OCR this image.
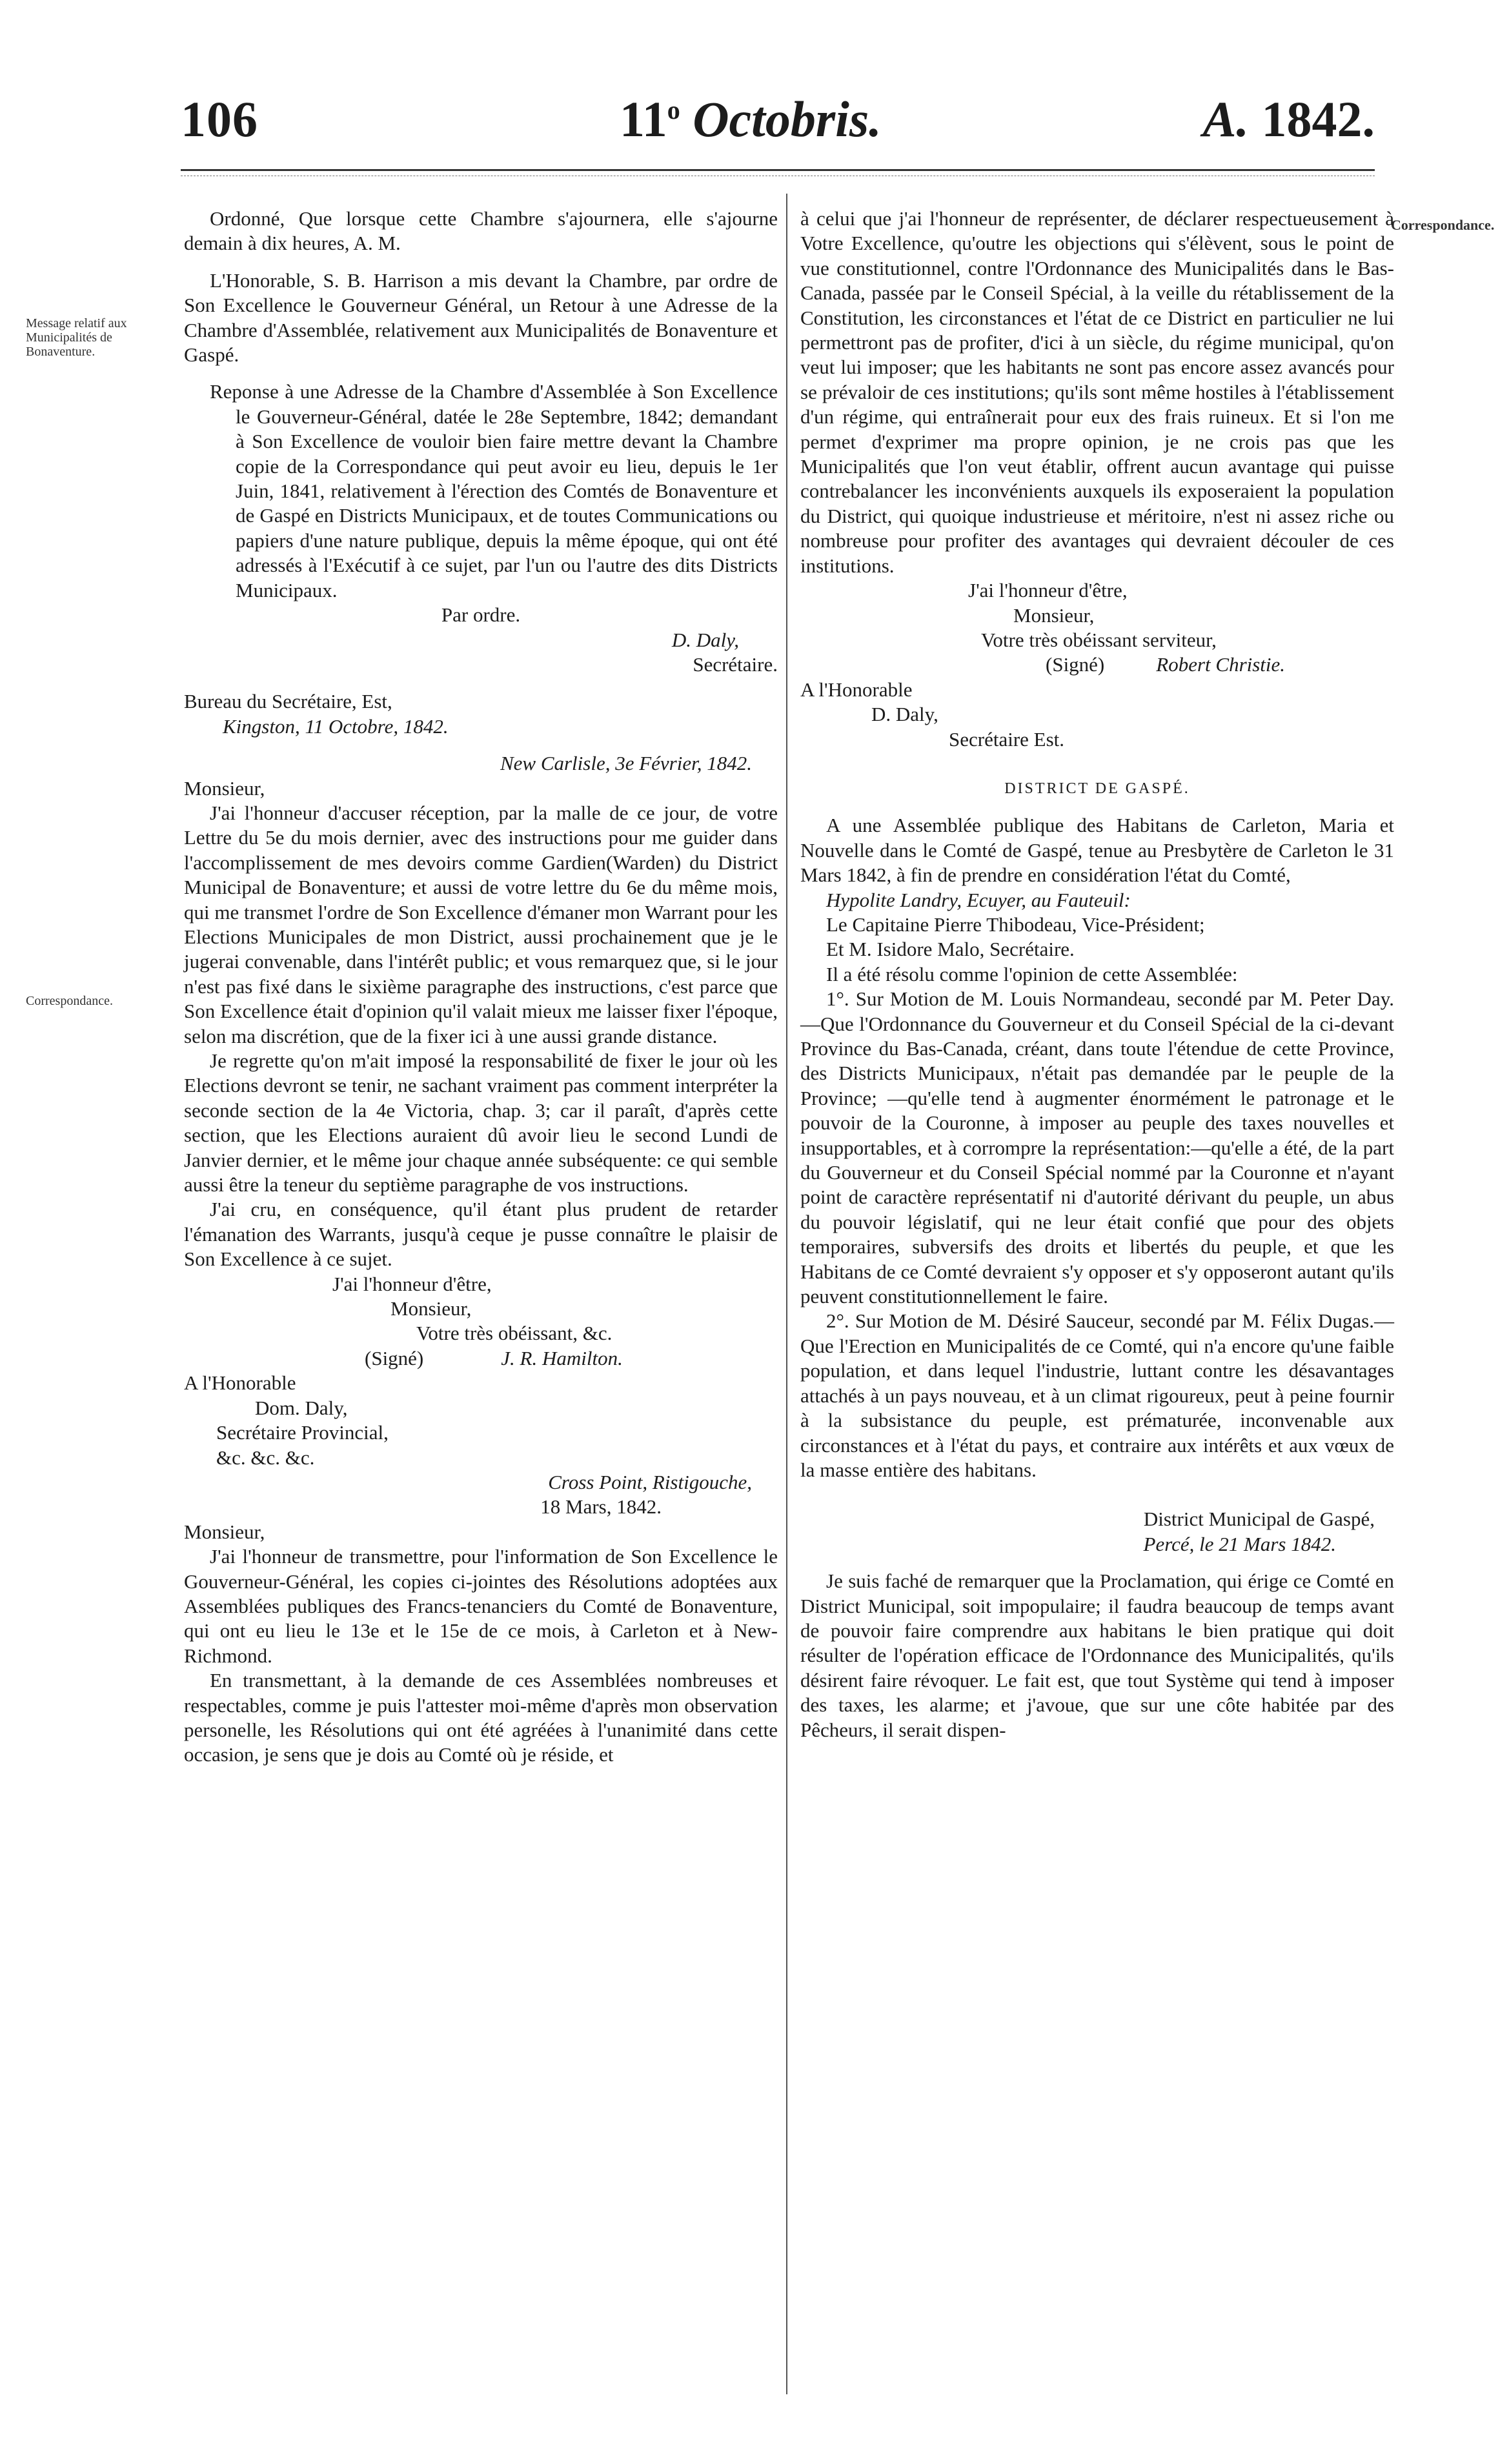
106	11$^o$ Octobris.	A. 1842.
Message relatif aux Municipalités de Bonaventure.
Correspondance.
Correspondance.

Ordonné, Que lorsque cette Chambre s'ajournera, elle s'ajourne demain à dix heures, A. M.

L'Honorable, S. B. Harrison a mis devant la Chambre, par ordre de Son Excellence le Gouverneur Général, un Retour à une Adresse de la Chambre d'Assemblée, relativement aux Municipalités de Bonaventure et Gaspé.

Reponse à une Adresse de la Chambre d'Assemblée à Son Excellence le Gouverneur-Général, datée le 28e Septembre, 1842; demandant à Son Excellence de vouloir bien faire mettre devant la Chambre copie de la Correspondance qui peut avoir eu lieu, depuis le 1er Juin, 1841, relativement à l'érection des Comtés de Bonaventure et de Gaspé en Districts Municipaux, et de toutes Communications ou papiers d'une nature publique, depuis la même époque, qui ont été adressés à l'Exécutif à ce sujet, par l'un ou l'autre des dits Districts Municipaux.

Par ordre.

D. Daly,

Secrétaire.

Bureau du Secrétaire, Est,

Kingston, 11 Octobre, 1842.

New Carlisle, 3e Février, 1842.

Monsieur,

J'ai l'honneur d'accuser réception, par la malle de ce jour, de votre Lettre du 5e du mois dernier, avec des instructions pour me guider dans l'accomplissement de mes devoirs comme Gardien(Warden) du District Municipal de Bonaventure; et aussi de votre lettre du 6e du même mois, qui me transmet l'ordre de Son Excellence d'émaner mon Warrant pour les Elections Municipales de mon District, aussi prochainement que je le jugerai convenable, dans l'intérêt public; et vous remarquez que, si le jour n'est pas fixé dans le sixième paragraphe des instructions, c'est parce que Son Excellence était d'opinion qu'il valait mieux me laisser fixer l'époque, selon ma discrétion, que de la fixer ici à une aussi grande distance.

Je regrette qu'on m'ait imposé la responsabilité de fixer le jour où les Elections devront se tenir, ne sachant vraiment pas comment interpréter la seconde section de la 4e Victoria, chap. 3; car il paraît, d'après cette section, que les Elections auraient dû avoir lieu le second Lundi de Janvier dernier, et le même jour chaque année subséquente: ce qui semble aussi être la teneur du septième paragraphe de vos instructions.

J'ai cru, en conséquence, qu'il étant plus prudent de retarder l'émanation des Warrants, jusqu'à ceque je pusse connaître le plaisir de Son Excellence à ce sujet.

J'ai l'honneur d'être,

Monsieur,

Votre très obéissant, &c.

(Signé)	J. R. Hamilton.

A l'Honorable

Dom. Daly,

Secrétaire Provincial,

&c. &c. &c.

Cross Point, Ristigouche,

18 Mars, 1842.

Monsieur,

J'ai l'honneur de transmettre, pour l'information de Son Excellence le Gouverneur-Général, les copies ci-jointes des Résolutions adoptées aux Assemblées publiques des Francs-tenanciers du Comté de Bonaventure, qui ont eu lieu le 13e et le 15e de ce mois, à Carleton et à New-Richmond.

En transmettant, à la demande de ces Assemblées nombreuses et respectables, comme je puis l'attester moi-même d'après mon observation personelle, les Résolutions qui ont été agréées à l'unanimité dans cette occasion, je sens que je dois au Comté où je réside, et

à celui que j'ai l'honneur de représenter, de déclarer respectueusement à Votre Excellence, qu'outre les objections qui s'élèvent, sous le point de vue constitutionnel, contre l'Ordonnance des Municipalités dans le Bas-Canada, passée par le Conseil Spécial, à la veille du rétablissement de la Constitution, les circonstances et l'état de ce District en particulier ne lui permettront pas de profiter, d'ici à un siècle, du régime municipal, qu'on veut lui imposer; que les habitants ne sont pas encore assez avancés pour se prévaloir de ces institutions; qu'ils sont même hostiles à l'établissement d'un régime, qui entraînerait pour eux des frais ruineux. Et si l'on me permet d'exprimer ma propre opinion, je ne crois pas que les Municipalités que l'on veut établir, offrent aucun avantage qui puisse contrebalancer les inconvénients auxquels ils exposeraient la population du District, qui quoique industrieuse et méritoire, n'est ni assez riche ou nombreuse pour profiter des avantages qui devraient découler de ces institutions.

J'ai l'honneur d'être,

Monsieur,

Votre très obéissant serviteur,

(Signé)	Robert Christie.

A l'Honorable

D. Daly,

Secrétaire Est.

DISTRICT DE GASPÉ.

A une Assemblée publique des Habitans de Carleton, Maria et Nouvelle dans le Comté de Gaspé, tenue au Presbytère de Carleton le 31 Mars 1842, à fin de prendre en considération l'état du Comté,

Hypolite Landry, Ecuyer, au Fauteuil:

Le Capitaine Pierre Thibodeau, Vice-Président;

Et M. Isidore Malo, Secrétaire.

Il a été résolu comme l'opinion de cette Assemblée:

1°. Sur Motion de M. Louis Normandeau, secondé par M. Peter Day.—Que l'Ordonnance du Gouverneur et du Conseil Spécial de la ci-devant Province du Bas-Canada, créant, dans toute l'étendue de cette Province, des Districts Municipaux, n'était pas demandée par le peuple de la Province; —qu'elle tend à augmenter énormément le patronage et le pouvoir de la Couronne, à imposer au peuple des taxes nouvelles et insupportables, et à corrompre la représentation:—qu'elle a été, de la part du Gouverneur et du Conseil Spécial nommé par la Couronne et n'ayant point de caractère représentatif ni d'autorité dérivant du peuple, un abus du pouvoir législatif, qui ne leur était confié que pour des objets temporaires, subversifs des droits et libertés du peuple, et que les Habitans de ce Comté devraient s'y opposer et s'y opposeront autant qu'ils peuvent constitutionnellement le faire.

2°. Sur Motion de M. Désiré Sauceur, secondé par M. Félix Dugas.—Que l'Erection en Municipalités de ce Comté, qui n'a encore qu'une faible population, et dans lequel l'industrie, luttant contre les désavantages attachés à un pays nouveau, et à un climat rigoureux, peut à peine fournir à la subsistance du peuple, est prématurée, inconvenable aux circonstances et à l'état du pays, et contraire aux intérêts et aux vœux de la masse entière des habitans.

District Municipal de Gaspé,

Percé, le 21 Mars 1842.

Je suis faché de remarquer que la Proclamation, qui érige ce Comté en District Municipal, soit impopulaire; il faudra beaucoup de temps avant de pouvoir faire comprendre aux habitans le bien pratique qui doit résulter de l'opération efficace de l'Ordonnance des Municipalités, qu'ils désirent faire révoquer. Le fait est, que tout Système qui tend à imposer des taxes, les alarme; et j'avoue, que sur une côte habitée par des Pêcheurs, il serait dispen-
